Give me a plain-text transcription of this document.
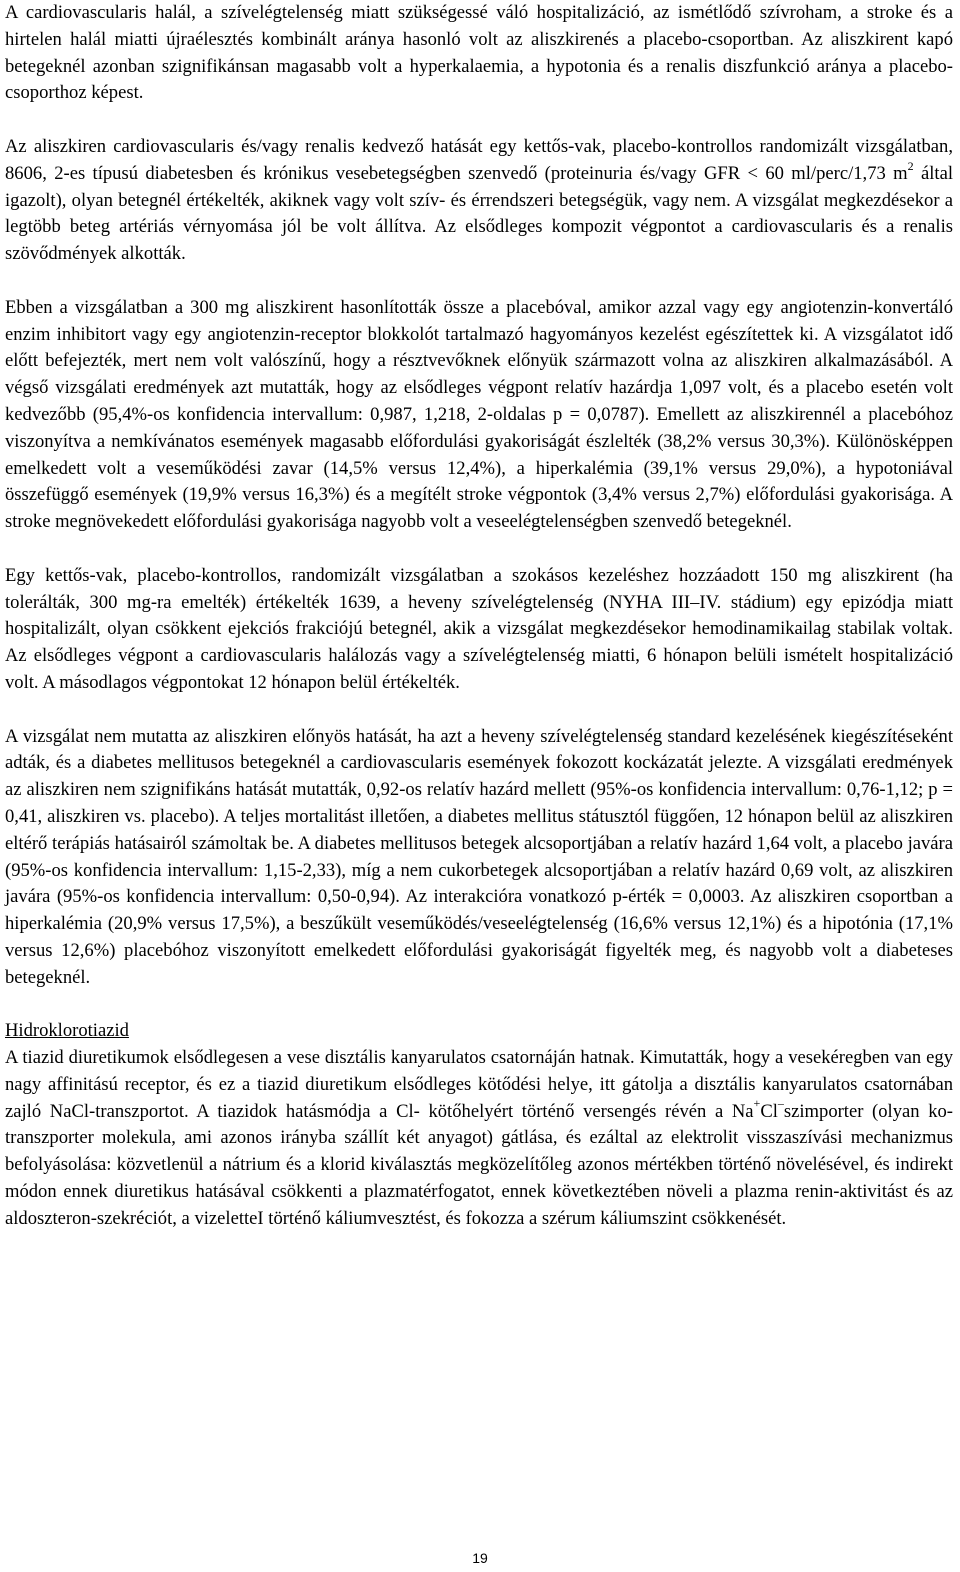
A cardiovascularis halál, a szívelégtelenség miatt szükségessé váló hospitalizáció, az ismétlődő szívroham, a stroke és a hirtelen halál miatti újraélesztés kombinált aránya hasonló volt az aliszkirenés a placebo-csoportban. Az aliszkirent kapó betegeknél azonban szignifikánsan magasabb volt a hyperkalaemia, a hypotonia és a renalis diszfunkció aránya a placebo-csoporthoz képest.

Az aliszkiren cardiovascularis és/vagy renalis kedvező hatását egy kettős-vak, placebo-kontrollos randomizált vizsgálatban, 8606, 2-es típusú diabetesben és krónikus vesebetegségben szenvedő (proteinuria és/vagy GFR < 60 ml/perc/1,73 $m^2$ által igazolt), olyan betegnél értékelték, akiknek vagy volt szív- és érrendszeri betegségük, vagy nem. A vizsgálat megkezdésekor a legtöbb beteg artériás vérnyomása jól be volt állítva. Az elsődleges kompozit végpontot a cardiovascularis és a renalis szövődmények alkották.

Ebben a vizsgálatban a 300 mg aliszkirent hasonlították össze a placebóval, amikor azzal vagy egy angiotenzin-konvertáló enzim inhibitort vagy egy angiotenzin-receptor blokkolót tartalmazó hagyományos kezelést egészítettek ki. A vizsgálatot idő előtt befejezték, mert nem volt valószínű, hogy a résztvevőknek előnyük származott volna az aliszkiren alkalmazásából. A végső vizsgálati eredmények azt mutatták, hogy az elsődleges végpont relatív hazárdja 1,097 volt, és a placebo esetén volt kedvezőbb (95,4%-os konfidencia intervallum: 0,987, 1,218, 2-oldalas p = 0,0787). Emellett az aliszkirennél a placebóhoz viszonyítva a nemkívánatos események magasabb előfordulási gyakoriságát észlelték (38,2% versus 30,3%). Különösképpen emelkedett volt a veseműködési zavar (14,5% versus 12,4%), a hiperkalémia (39,1% versus 29,0%), a hypotoniával összefüggő események (19,9% versus 16,3%) és a megítélt stroke végpontok (3,4% versus 2,7%) előfordulási gyakorisága. A stroke megnövekedett előfordulási gyakorisága nagyobb volt a veseelégtelenségben szenvedő betegeknél.

Egy kettős-vak, placebo-kontrollos, randomizált vizsgálatban a szokásos kezeléshez hozzáadott 150 mg aliszkirent (ha tolerálták, 300 mg-ra emelték) értékelték 1639, a heveny szívelégtelenség (NYHA III–IV. stádium) egy epizódja miatt hospitalizált, olyan csökkent ejekciós frakciójú betegnél, akik a vizsgálat megkezdésekor hemodinamikailag stabilak voltak. Az elsődleges végpont a cardiovascularis halálozás vagy a szívelégtelenség miatti, 6 hónapon belüli ismételt hospitalizáció volt. A másodlagos végpontokat 12 hónapon belül értékelték.

A vizsgálat nem mutatta az aliszkiren előnyös hatását, ha azt a heveny szívelégtelenség standard kezelésének kiegészítéseként adták, és a diabetes mellitusos betegeknél a cardiovascularis események fokozott kockázatát jelezte. A vizsgálati eredmények az aliszkiren nem szignifikáns hatását mutatták, 0,92-os relatív hazárd mellett (95%-os konfidencia intervallum: 0,76-1,12; p = 0,41, aliszkiren vs. placebo). A teljes mortalitást illetően, a diabetes mellitus státusztól függően, 12 hónapon belül az aliszkiren eltérő terápiás hatásairól számoltak be. A diabetes mellitusos betegek alcsoportjában a relatív hazárd 1,64 volt, a placebo javára (95%-os konfidencia intervallum: 1,15-2,33), míg a nem cukorbetegek alcsoportjában a relatív hazárd 0,69 volt, az aliszkiren javára (95%-os konfidencia intervallum: 0,50-0,94). Az interakcióra vonatkozó p-érték = 0,0003. Az aliszkiren csoportban a hiperkalémia (20,9% versus 17,5%), a beszűkült veseműködés/veseelégtelenség (16,6% versus 12,1%) és a hipotónia (17,1% versus 12,6%) placebóhoz viszonyított emelkedett előfordulási gyakoriságát figyelték meg, és nagyobb volt a diabeteses betegeknél.

Hidroklorotiazid

A tiazid diuretikumok elsődlegesen a vese disztális kanyarulatos csatornáján hatnak. Kimutatták, hogy a vesekéregben van egy nagy affinitású receptor, és ez a tiazid diuretikum elsődleges kötődési helye, itt gátolja a disztális kanyarulatos csatornában zajló NaCl-transzportot. A tiazidok hatásmódja a Cl- kötőhelyért történő versengés révén a Na+Cl–szimporter (olyan ko-transzporter molekula, ami azonos irányba szállít két anyagot) gátlása, és ezáltal az elektrolit visszaszívási mechanizmus befolyásolása: közvetlenül a nátrium és a klorid kiválasztás megközelítőleg azonos mértékben történő növelésével, és indirekt módon ennek diuretikus hatásával csökkenti a plazmatérfogatot, ennek következtében növeli a plazma renin-aktivitást és az aldoszteron-szekréciót, a vizeletteI történő káliumvesztést, és fokozza a szérum káliumszint csökkenését.

19
